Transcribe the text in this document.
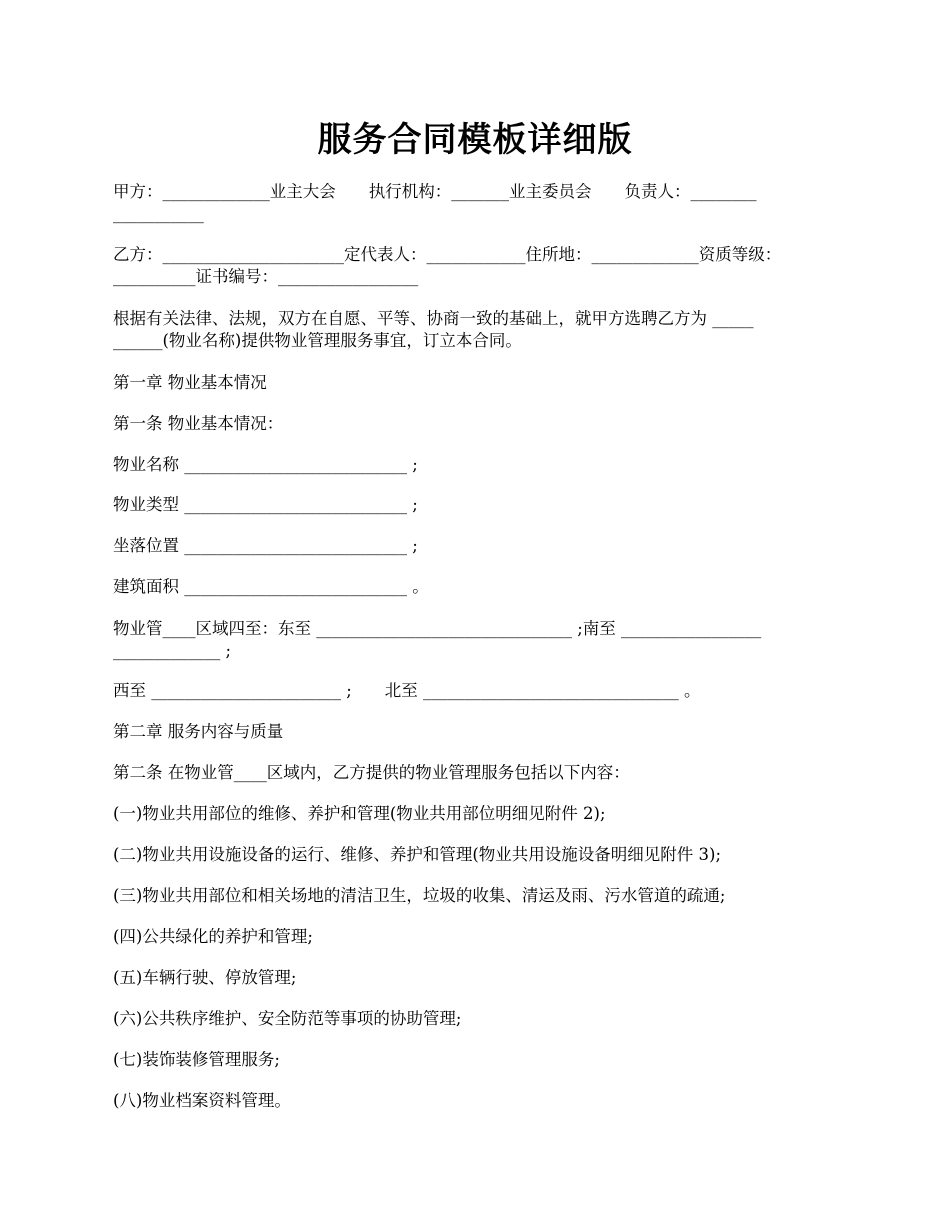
服务合同模板详细版
甲方：_____________业主大会　　执行机构：_______业主委员会　　负责人：________
___________
乙方：______________________定代表人：____________住所地：_____________资质等级：
__________证书编号：_________________
根据有关法律、法规，双方在自愿、平等、协商一致的基础上，就甲方选聘乙方为 _____
______(物业名称)提供物业管理服务事宜，订立本合同。
第一章 物业基本情况
第一条 物业基本情况：
物业名称 ___________________________ ;
物业类型 ___________________________ ;
坐落位置 ___________________________ ;
建筑面积 ___________________________ 。
物业管____区域四至：东至 _______________________________ ;南至 _________________
_____________ ;
西至 _______________________ ;　　北至 _______________________________ 。
第二章 服务内容与质量
第二条 在物业管____区域内，乙方提供的物业管理服务包括以下内容：
(一)物业共用部位的维修、养护和管理(物业共用部位明细见附件 2);
(二)物业共用设施设备的运行、维修、养护和管理(物业共用设施设备明细见附件 3);
(三)物业共用部位和相关场地的清洁卫生，垃圾的收集、清运及雨、污水管道的疏通;
(四)公共绿化的养护和管理;
(五)车辆行驶、停放管理;
(六)公共秩序维护、安全防范等事项的协助管理;
(七)装饰装修管理服务;
(八)物业档案资料管理。
